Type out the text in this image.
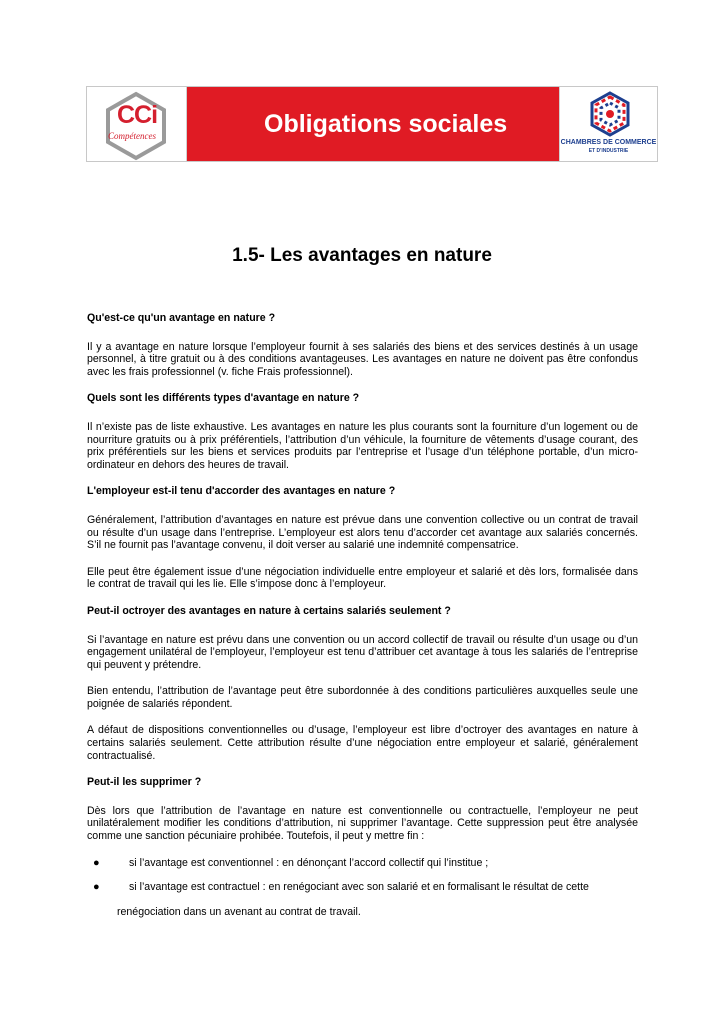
CCi
Compétences	Obligations sociales
CHAMBRES DE COMMERCE
ET D'INDUSTRIE
1.5- Les avantages en nature
Qu'est-ce qu'un avantage en nature ?

Il y a avantage en nature lorsque l’employeur fournit à ses salariés des biens et des services destinés à un usage personnel, à titre gratuit ou à des conditions avantageuses. Les avantages en nature ne doivent pas être confondus avec les frais professionnel (v. fiche Frais professionnel).

Quels sont les différents types d'avantage en nature ?

Il n’existe pas de liste exhaustive. Les avantages en nature les plus courants sont la fourniture d’un logement ou de nourriture gratuits ou à prix préférentiels, l’attribution d’un véhicule, la fourniture de vêtements d’usage courant, des prix préférentiels sur les biens et services produits par l’entreprise et l’usage d’un téléphone portable, d’un micro-ordinateur en dehors des heures de travail.

L'employeur est-il tenu d'accorder des avantages en nature ?

Généralement, l’attribution d’avantages en nature est prévue dans une convention collective ou un contrat de travail ou résulte d’un usage dans l’entreprise. L’employeur est alors tenu d’accorder cet avantage aux salariés concernés. S’il ne fournit pas l’avantage convenu, il doit verser au salarié une indemnité compensatrice.

Elle peut être également issue d’une négociation individuelle entre employeur et salarié et dès lors, formalisée dans le contrat de travail qui les lie. Elle s’impose donc à l’employeur.

Peut-il octroyer des avantages en nature à certains salariés seulement ?

Si l’avantage en nature est prévu dans une convention ou un accord collectif de travail ou résulte d’un usage ou d’un engagement unilatéral de l’employeur, l’employeur est tenu d’attribuer cet avantage à tous les salariés de l’entreprise qui peuvent y prétendre.

Bien entendu, l’attribution de l’avantage peut être subordonnée à des conditions particulières auxquelles seule une poignée de salariés répondent.

A défaut de dispositions conventionnelles ou d’usage, l’employeur est libre d’octroyer des avantages en nature à certains salariés seulement. Cette attribution résulte d’une négociation entre employeur et salarié, généralement contractualisé.

Peut-il les supprimer ?

Dès lors que l’attribution de l’avantage en nature est conventionnelle ou contractuelle, l’employeur ne peut unilatéralement modifier les conditions d’attribution, ni supprimer l’avantage. Cette suppression peut être analysée comme une sanction pécuniaire prohibée. Toutefois, il peut y mettre fin :

●	si l’avantage est conventionnel : en dénonçant l’accord collectif qui l’institue ;
●	si l’avantage est contractuel : en renégociant avec son salarié et en formalisant le résultat de cette

renégociation dans un avenant au contrat de travail.
